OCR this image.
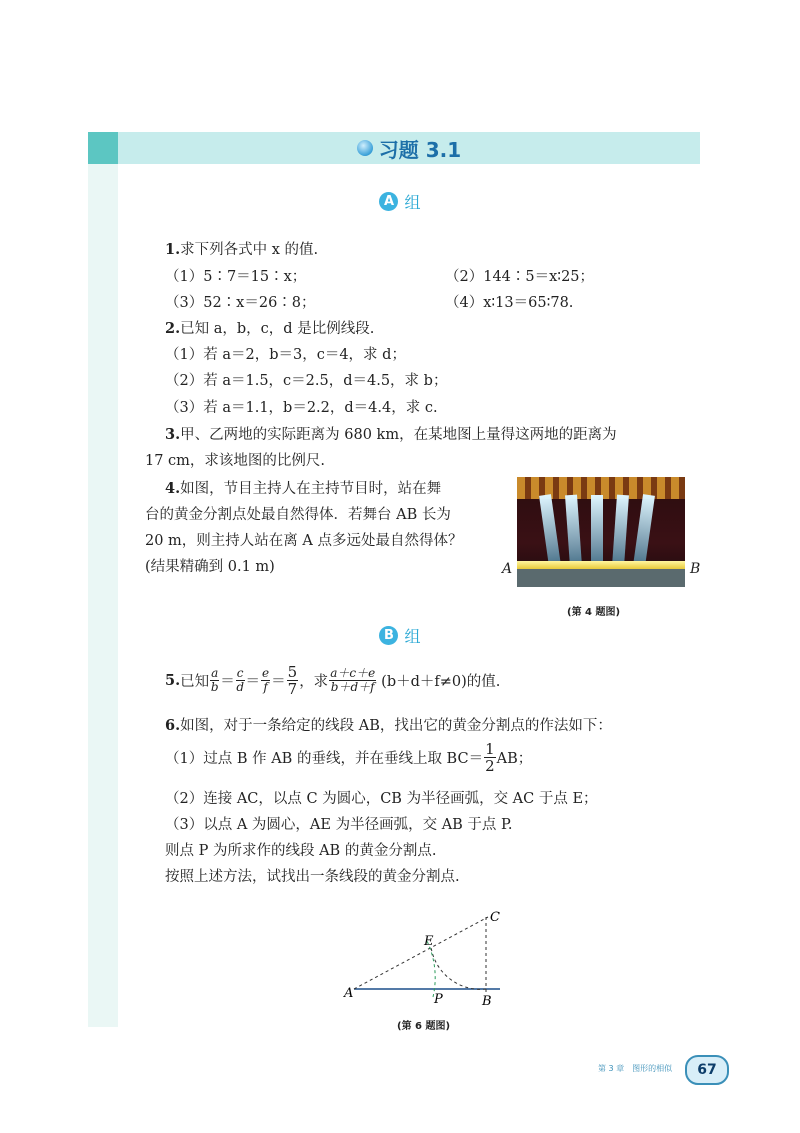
习题 3.1
A 组
1.求下列各式中 x 的值.
（1）5∶7＝15∶x；	（2）144∶5＝x∶25；
（3）52∶x＝26∶8；	（4）x∶13＝65∶78.
2.已知 a，b，c，d 是比例线段.
（1）若 a＝2，b＝3，c＝4，求 d；
（2）若 a＝1.5，c＝2.5，d＝4.5，求 b；
（3）若 a＝1.1，b＝2.2，d＝4.4，求 c.
3.甲、乙两地的实际距离为 680 km，在某地图上量得这两地的距离为
17 cm，求该地图的比例尺.
4.如图，节目主持人在主持节目时，站在舞
台的黄金分割点处最自然得体．若舞台 AB 长为
20 m，则主持人站在离 A 点多远处最自然得体？
(结果精确到 0.1 m)	A	B
(第 4 题图)
B 组
5. 已知 $\frac{a}{b} = \frac{c}{d} = \frac{e}{f} = \frac{5}{7}$ ，求 $\frac{a+c+e}{b+d+f} (b+d+f\ne 0)$的值.
6.如图，对于一条给定的线段 AB，找出它的黄金分割点的作法如下：
（1）过点 B 作 AB 的垂线，并在垂线上取 $BC= \frac{1}{2}$ AB；
（2）连接 AC，以点 C 为圆心，CB 为半径画弧，交 AC 于点 E；
（3）以点 A 为圆心，AE 为半径画弧，交 AB 于点 P.
则点 P 为所求作的线段 AB 的黄金分割点.
按照上述方法，试找出一条线段的黄金分割点.
A
B
C
E
P
(第 6 题图)
第 3 章　图形的相似	67
